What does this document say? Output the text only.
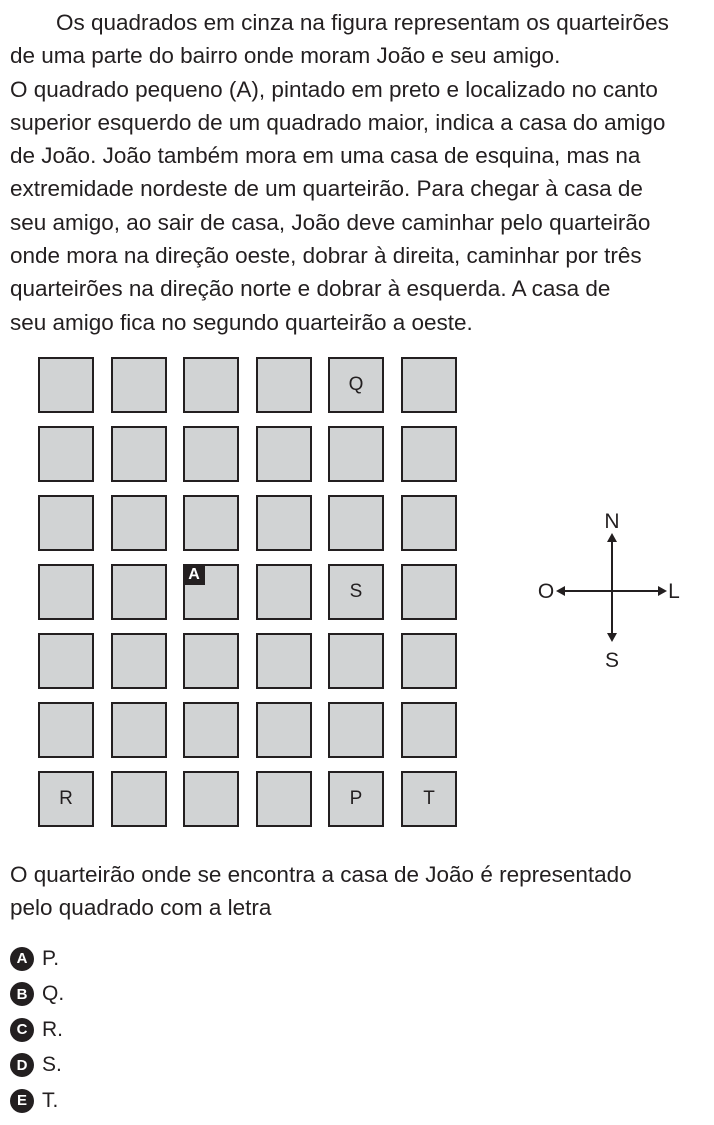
Os quadrados em cinza na figura representam os quarteirões
de uma parte do bairro onde moram João e seu amigo.
O quadrado pequeno (A), pintado em preto e localizado no canto
superior esquerdo de um quadrado maior, indica a casa do amigo
de João. João também mora em uma casa de esquina, mas na
extremidade nordeste de um quarteirão. Para chegar à casa de
seu amigo, ao sair de casa, João deve caminhar pelo quarteirão
onde mora na direção oeste, dobrar à direita, caminhar por três
quarteirões na direção norte e dobrar à esquerda. A casa de
seu amigo fica no segundo quarteirão a oeste.

Q
A
S
R	P	T
N
S
O	L

O quarteirão onde se encontra a casa de João é representado
pelo quadrado com a letra

A P.
B Q.
C R.
D S.
E T.
